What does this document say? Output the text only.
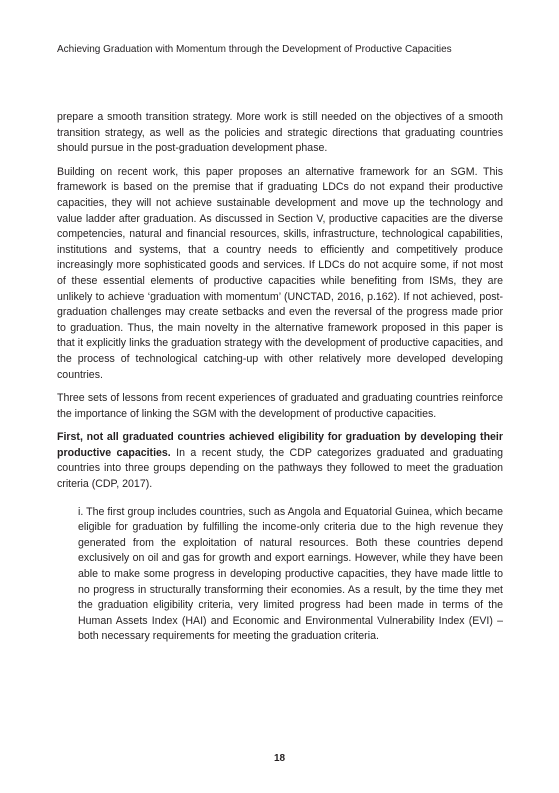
Achieving Graduation with Momentum through the Development of Productive Capacities

prepare a smooth transition strategy. More work is still needed on the objectives of a smooth transition strategy, as well as the policies and strategic directions that graduating countries should pursue in the post-graduation development phase.

Building on recent work, this paper proposes an alternative framework for an SGM. This framework is based on the premise that if graduating LDCs do not expand their productive capacities, they will not achieve sustainable development and move up the technology and value ladder after graduation. As discussed in Section V, productive capacities are the diverse competencies, natural and financial resources, skills, infrastructure, technological capabilities, institutions and systems, that a country needs to efficiently and competitively produce increasingly more sophisticated goods and services. If LDCs do not acquire some, if not most of these essential elements of productive capacities while benefiting from ISMs, they are unlikely to achieve ‘graduation with momentum’ (UNCTAD, 2016, p.162). If not achieved, post-graduation challenges may create setbacks and even the reversal of the progress made prior to graduation. Thus, the main novelty in the alternative framework proposed in this paper is that it explicitly links the graduation strategy with the development of productive capacities, and the process of technological catching-up with other relatively more developed developing countries.

Three sets of lessons from recent experiences of graduated and graduating countries reinforce the importance of linking the SGM with the development of productive capacities.

First, not all graduated countries achieved eligibility for graduation by developing their productive capacities. In a recent study, the CDP categorizes graduated and graduating countries into three groups depending on the pathways they followed to meet the graduation criteria (CDP, 2017).

i. The first group includes countries, such as Angola and Equatorial Guinea, which became eligible for graduation by fulfilling the income-only criteria due to the high revenue they generated from the exploitation of natural resources. Both these countries depend exclusively on oil and gas for growth and export earnings. However, while they have been able to make some progress in developing productive capacities, they have made little to no progress in structurally transforming their economies. As a result, by the time they met the graduation eligibility criteria, very limited progress had been made in terms of the Human Assets Index (HAI) and Economic and Environmental Vulnerability Index (EVI) – both necessary requirements for meeting the graduation criteria.

18
